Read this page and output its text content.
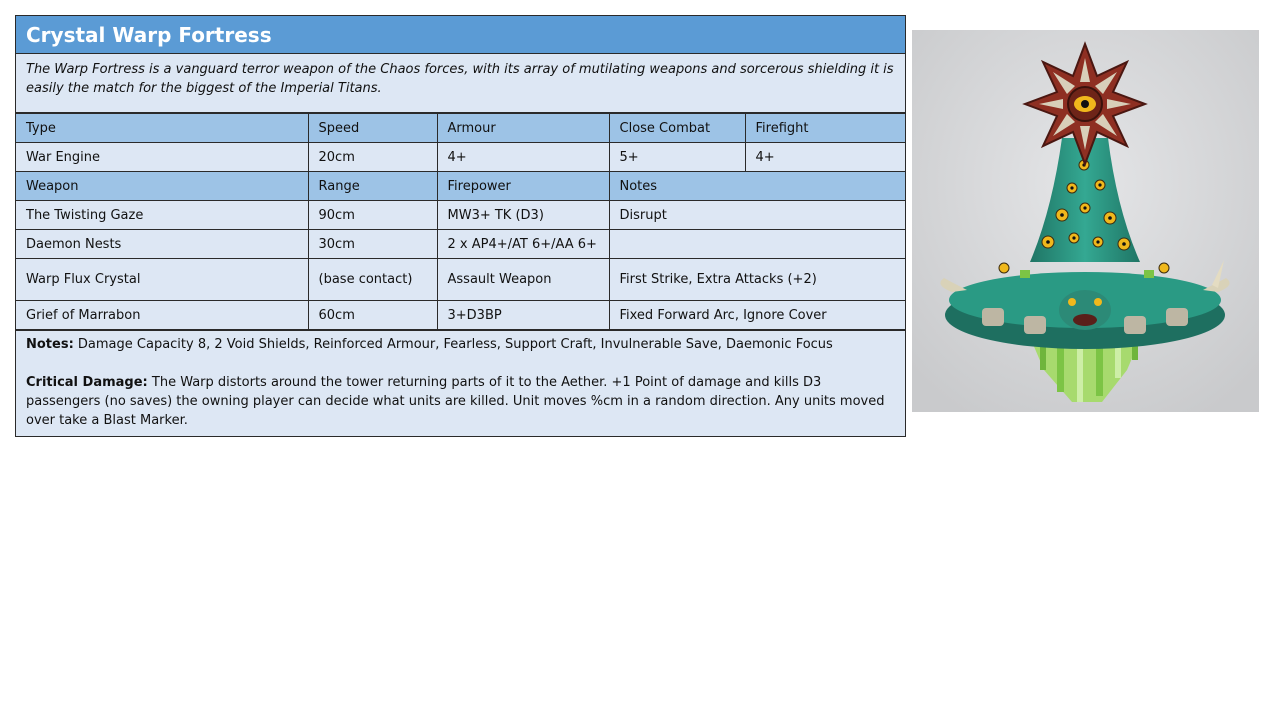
Crystal Warp Fortress
The Warp Fortress is a vanguard terror weapon of the Chaos forces, with its array of mutilating weapons and sorcerous shielding it is easily the match for the biggest of the Imperial Titans.
Type	Speed	Armour	Close Combat	Firefight
War Engine	20cm	4+	5+	4+
Weapon	Range	Firepower	Notes	
The Twisting Gaze	90cm	MW3+ TK (D3)	Disrupt	
Daemon Nests	30cm	2 x AP4+/AT 6+/AA 6+		
Warp Flux Crystal	(base contact)	Assault Weapon	First Strike, Extra Attacks (+2)	
Grief of Marrabon	60cm	3+D3BP	Fixed Forward Arc, Ignore Cover	
Notes: Damage Capacity 8, 2 Void Shields, Reinforced Armour, Fearless, Support Craft, Invulnerable Save, Daemonic Focus
Critical Damage: The Warp distorts around the tower returning parts of it to the Aether. +1 Point of damage and kills D3 passengers (no saves) the owning player can decide what units are killed. Unit moves %cm in a random direction. Any units moved over take a Blast Marker.
